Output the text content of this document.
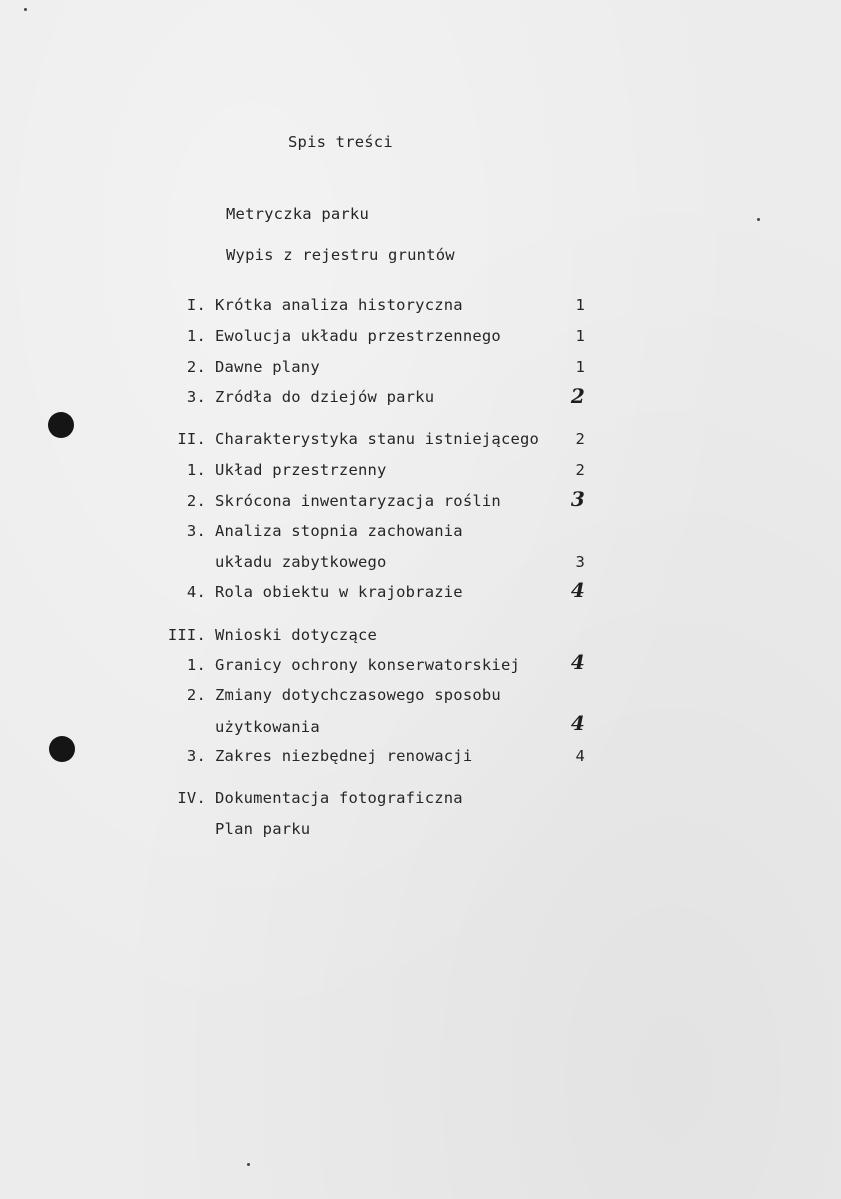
Spis treści
Metryczka parku
Wypis z rejestru gruntów
I. Krótka analiza historyczna	1
1. Ewolucja układu przestrzennego	1
2. Dawne plany	1
3. Zródła do dziejów parku	2
II. Charakterystyka stanu istniejącego	2
1. Układ przestrzenny	2
2. Skrócona inwentaryzacja roślin	3
3. Analiza stopnia zachowania
układu zabytkowego	3
4. Rola obiektu w krajobrazie	4
III. Wnioski dotyczące
1. Granicy ochrony konserwatorskiej	4
2. Zmiany dotychczasowego sposobu
użytkowania	4
3. Zakres niezbędnej renowacji	4
IV. Dokumentacja fotograficzna
Plan parku
